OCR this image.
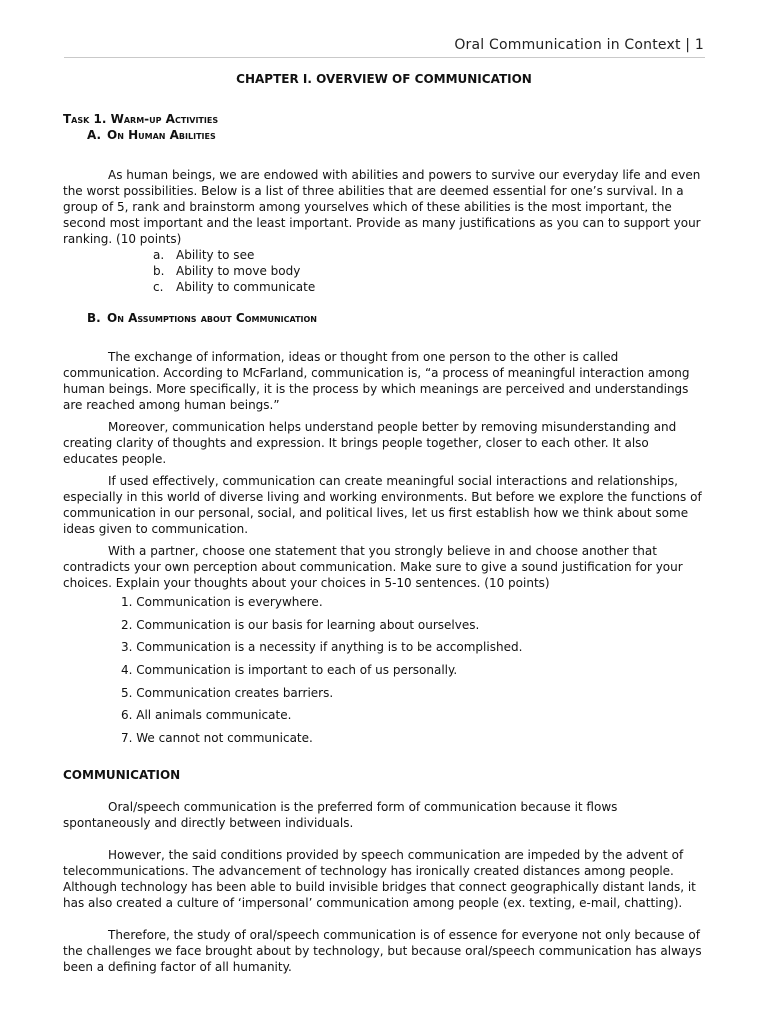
Oral Communication in Context | 1

CHAPTER I. OVERVIEW OF COMMUNICATION

Task 1. Warm-up Activities

A. On Human Abilities

As human beings, we are endowed with abilities and powers to survive our everyday life and even the worst possibilities. Below is a list of three abilities that are deemed essential for one’s survival. In a group of 5, rank and brainstorm among yourselves which of these abilities is the most important, the second most important and the least important. Provide as many justifications as you can to support your ranking. (10 points)

a. Ability to see
b. Ability to move body
c. Ability to communicate

B. On Assumptions about Communication

The exchange of information, ideas or thought from one person to the other is called communication. According to McFarland, communication is, “a process of meaningful interaction among human beings. More specifically, it is the process by which meanings are perceived and understandings are reached among human beings.”

Moreover, communication helps understand people better by removing misunderstanding and creating clarity of thoughts and expression. It brings people together, closer to each other. It also educates people.

If used effectively, communication can create meaningful social interactions and relationships, especially in this world of diverse living and working environments. But before we explore the functions of communication in our personal, social, and political lives, let us first establish how we think about some ideas given to communication.

With a partner, choose one statement that you strongly believe in and choose another that contradicts your own perception about communication. Make sure to give a sound justification for your choices. Explain your thoughts about your choices in 5-10 sentences. (10 points)

1. Communication is everywhere.
2. Communication is our basis for learning about ourselves.
3. Communication is a necessity if anything is to be accomplished.
4. Communication is important to each of us personally.
5. Communication creates barriers.
6. All animals communicate.
7. We cannot not communicate.

COMMUNICATION

Oral/speech communication is the preferred form of communication because it flows spontaneously and directly between individuals.

However, the said conditions provided by speech communication are impeded by the advent of telecommunications. The advancement of technology has ironically created distances among people. Although technology has been able to build invisible bridges that connect geographically distant lands, it has also created a culture of ‘impersonal’ communication among people (ex. texting, e-mail, chatting).

Therefore, the study of oral/speech communication is of essence for everyone not only because of the challenges we face brought about by technology, but because oral/speech communication has always been a defining factor of all humanity.
